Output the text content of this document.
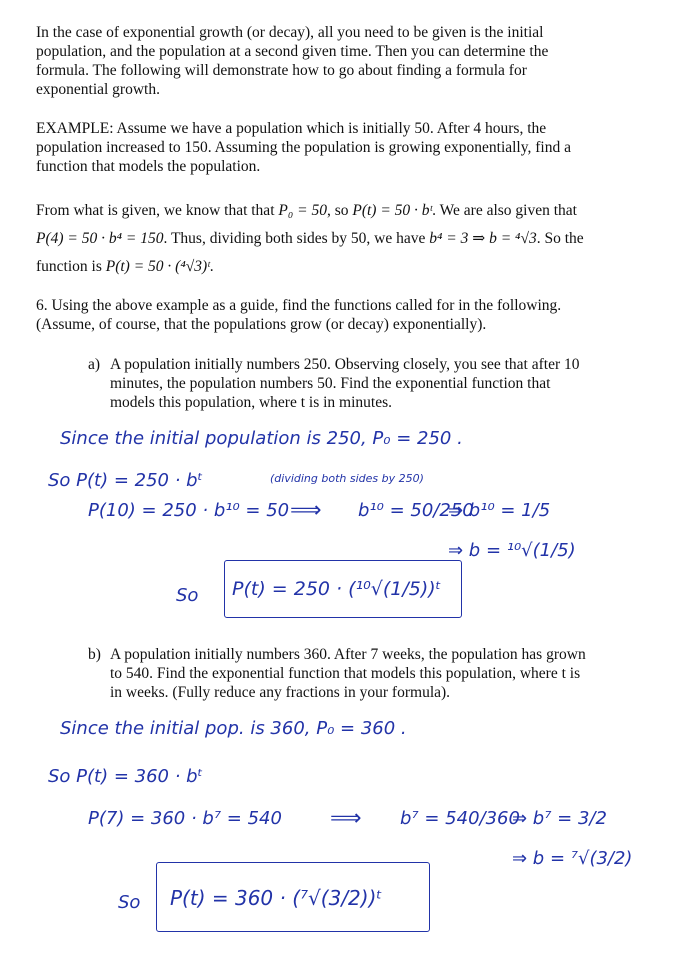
In the case of exponential growth (or decay), all you need to be given is the initial
population, and the population at a second given time. Then you can determine the
formula. The following will demonstrate how to go about finding a formula for
exponential growth.
EXAMPLE: Assume we have a population which is initially 50. After 4 hours, the
population increased to 150. Assuming the population is growing exponentially, find a
function that models the population.
From what is given, we know that that P₀ = 50, so P(t) = 50 · bᵗ. We are also given that
P(4) = 50 · b⁴ = 150. Thus, dividing both sides by 50, we have b⁴ = 3 ⇒ b = ⁴√3. So the
function is P(t) = 50 · (⁴√3)ᵗ.
6. Using the above example as a guide, find the functions called for in the following.
(Assume, of course, that the populations grow (or decay) exponentially).
a) A population initially numbers 250. Observing closely, you see that after 10
minutes, the population numbers 50. Find the exponential function that
models this population, where t is in minutes.
Since the initial population is 250, P₀ = 250 .
So P(t) = 250 · bᵗ	(dividing both sides by 250)
P(10) = 250 · b¹⁰ = 50 ⟹ b¹⁰ = 50/250
⇒ b¹⁰ = 1/5
⇒ b = ¹⁰√(1/5)
So P(t) = 250 · (¹⁰√(1/5))ᵗ
b) A population initially numbers 360. After 7 weeks, the population has grown
to 540. Find the exponential function that models this population, where t is
in weeks. (Fully reduce any fractions in your formula).
Since the initial pop. is 360, P₀ = 360 .
So P(t) = 360 · bᵗ
P(7) = 360 · b⁷ = 540 ⟹ b⁷ = 540/360
⇒ b⁷ = 3/2
⇒ b = ⁷√(3/2)
So P(t) = 360 · (⁷√(3/2))ᵗ
